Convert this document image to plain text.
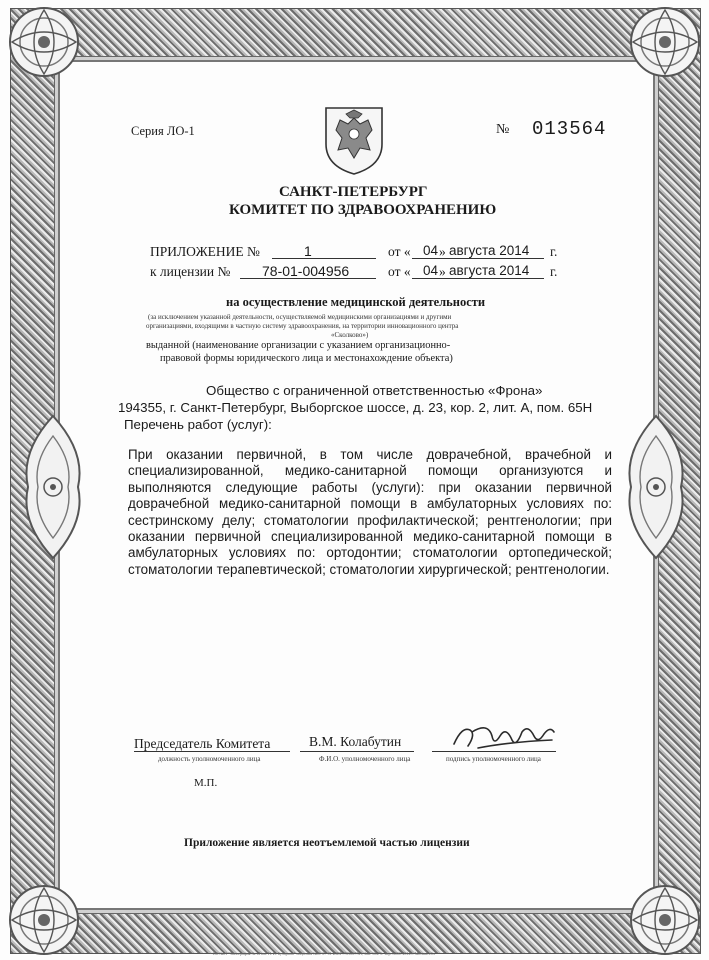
Серия ЛО-1	№ 013564
САНКТ-ПЕТЕРБУРГ
КОМИТЕТ ПО ЗДРАВООХРАНЕНИЮ
ПРИЛОЖЕНИЕ №	1	от « 04 » августа 2014 г.
к лицензии № 78-01-004956	от « 04 » августа 2014 г.
на осуществление медицинской деятельности
(за исключением указанной деятельности, осуществляемой медицинскими организациями и другими
организациями, входящими в частную систему здравоохранения, на территории инновационного центра
«Сколково»)
выданной (наименование организации с указанием организационно-
правовой формы юридического лица и местонахождение объекта)
Общество с ограниченной ответственностью «Фрона»
194355, г. Санкт-Петербург, Выборгское шоссе, д. 23, кор. 2, лит. А, пом. 65Н
Перечень работ (услуг):
При оказании первичной, в том числе доврачебной, врачебной и специализированной, медико-санитарной помощи организуются и выполняются следующие работы (услуги): при оказании первичной доврачебной медико-санитарной помощи в амбулаторных условиях по: сестринскому делу; стоматологии профилактической; рентгенологии; при оказании первичной специализированной медико-санитарной помощи в амбулаторных условиях по: ортодонтии; стоматологии ортопедической; стоматологии терапевтической; стоматологии хирургической; рентгенологии.
Председатель Комитета
должность уполномоченного лица
В.М. Колабутин
Ф.И.О. уполномоченного лица	подпись уполномоченного лица
М.П.
Приложение является неотъемлемой частью лицензии
• 130 №01 "Типография № 12 им. Н. И. Бухарина" лицензия №01-07-01 ИНН 7709007721, Зак. 10475. Тир. 8000. 2014 г. Москва «С»
